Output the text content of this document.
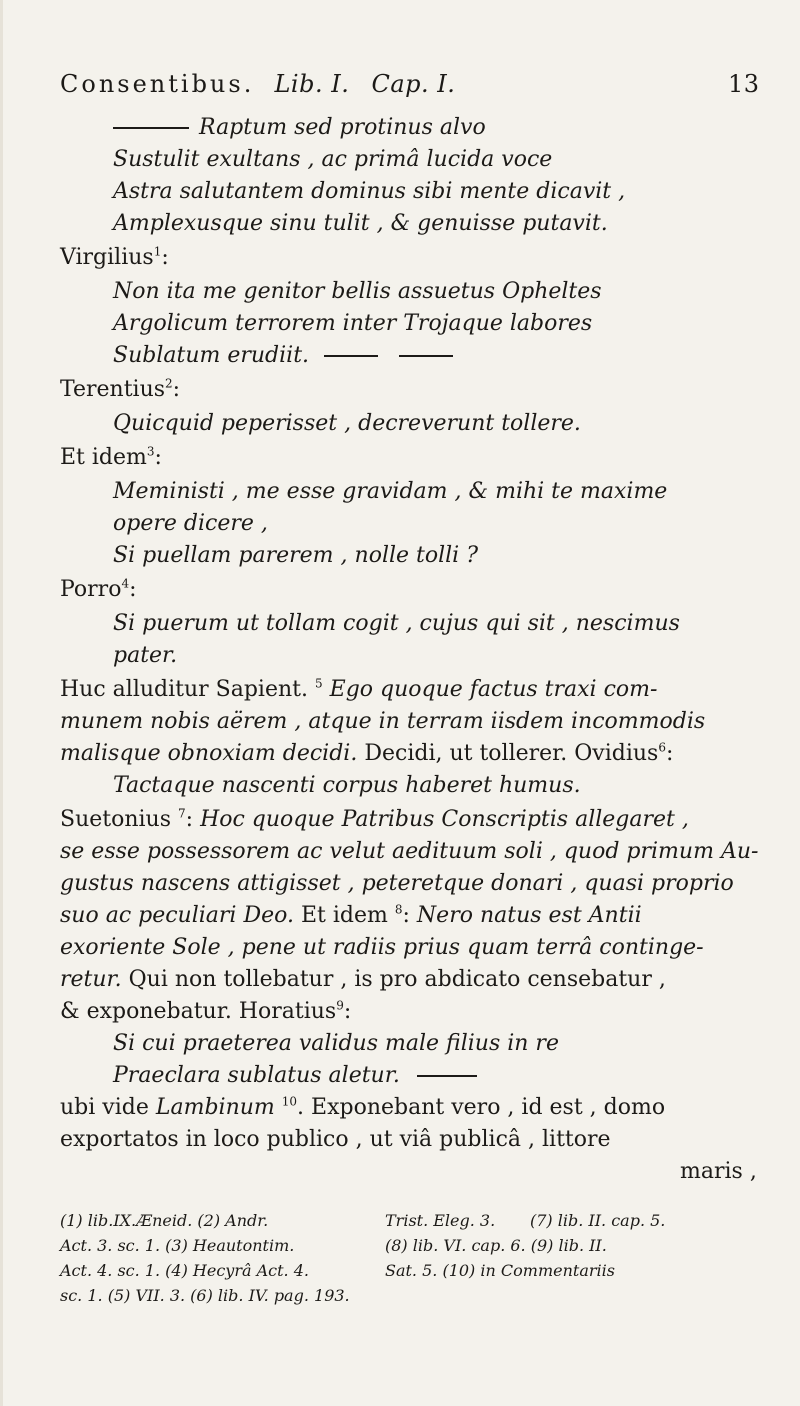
Consentibus. Lib. I. Cap. I.	13
Raptum sed protinus alvo
Sustulit exultans , ac primâ lucida voce
Astra salutantem dominus sibi mente dicavit ,
Amplexusque sinu tulit , & genuisse putavit.
Virgilius$^1$:
Non ita me genitor bellis assuetus Opheltes
Argolicum terrorem inter Trojaque labores
Sublatum erudiit.
Terentius$^2$:
Quicquid peperisset , decreverunt tollere.
Et idem$^3$:
Meministi , me esse gravidam , & mihi te maxime
opere dicere ,
Si puellam parerem , nolle tolli ?
Porro$^4$:
Si puerum ut tollam cogit , cujus qui sit , nescimus
pater.
Huc alluditur Sapient. $^5$ Ego quoque factus traxi com-
munem nobis aërem , atque in terram iisdem incommodis
malisque obnoxiam decidi. Decidi, ut tollerer. Ovidius$^6$:
Tactaque nascenti corpus haberet humus.
Suetonius $^7$: Hoc quoque Patribus Conscriptis allegaret ,
se esse possessorem ac velut aedituum soli , quod primum Au-
gustus nascens attigisset , peteretque donari , quasi proprio
suo ac peculiari Deo. Et idem $^8$: Nero natus est Antii
exoriente Sole , pene ut radiis prius quam terrâ continge-
retur. Qui non tollebatur , is pro abdicato censebatur ,
& exponebatur. Horatius$^9$:
Si cui praeterea validus male filius in re
Praeclara sublatus aletur.
ubi vide Lambinum $^{10}$. Exponebant vero , id est , domo
exportatos in loco publico , ut viâ publicâ , littore
maris ,
(1) lib.IX.Æneid. (2) Andr.	Trist. Eleg. 3. (7) lib. II. cap. 5.
Act. 3. sc. 1. (3) Heautontim.	(8) lib. VI. cap. 6. (9) lib. II.
Act. 4. sc. 1. (4) Hecyrâ Act. 4.	Sat. 5. (10) in Commentariis
sc. 1. (5) VII. 3. (6) lib. IV. pag. 193.
